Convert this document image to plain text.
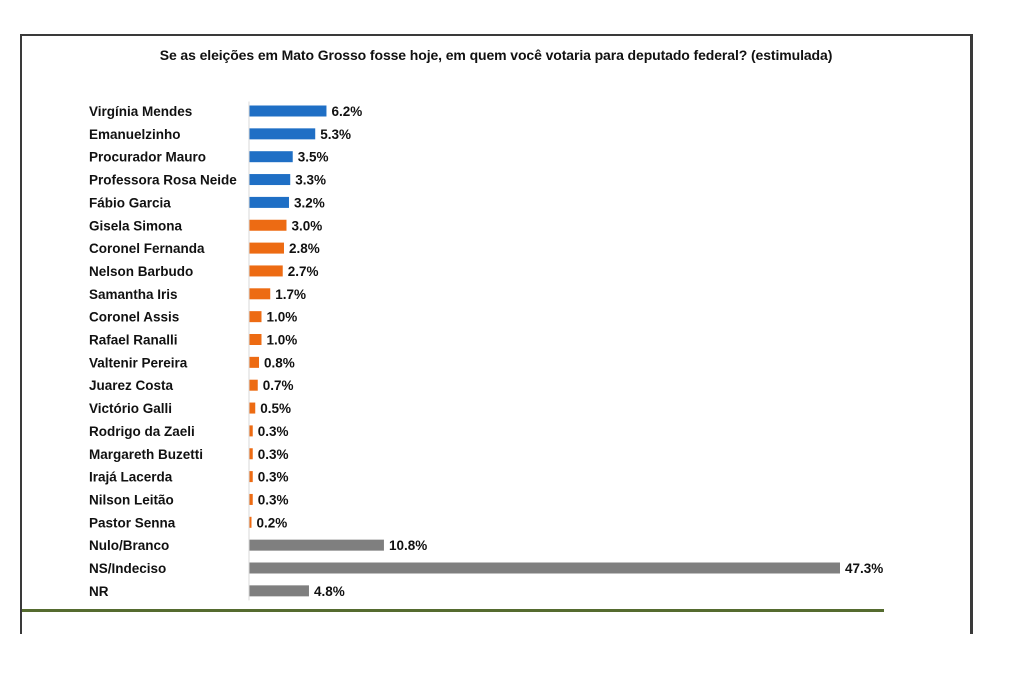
Se as eleições em Mato Grosso fosse hoje, em quem você votaria para deputado federal? (estimulada)
Virgínia Mendes	6.2%
Emanuelzinho	5.3%
Procurador Mauro	3.5%
Professora Rosa Neide	3.3%
Fábio Garcia	3.2%
Gisela Simona	3.0%
Coronel Fernanda	2.8%
Nelson Barbudo	2.7%
Samantha Iris	1.7%
Coronel Assis	1.0%
Rafael Ranalli	1.0%
Valtenir Pereira	0.8%
Juarez Costa	0.7%
Victório Galli	0.5%
Rodrigo da Zaeli	0.3%
Margareth Buzetti	0.3%
Irajá Lacerda	0.3%
Nilson Leitão	0.3%
Pastor Senna	0.2%
Nulo/Branco	10.8%
NS/Indeciso	47.3%
NR	4.8%
